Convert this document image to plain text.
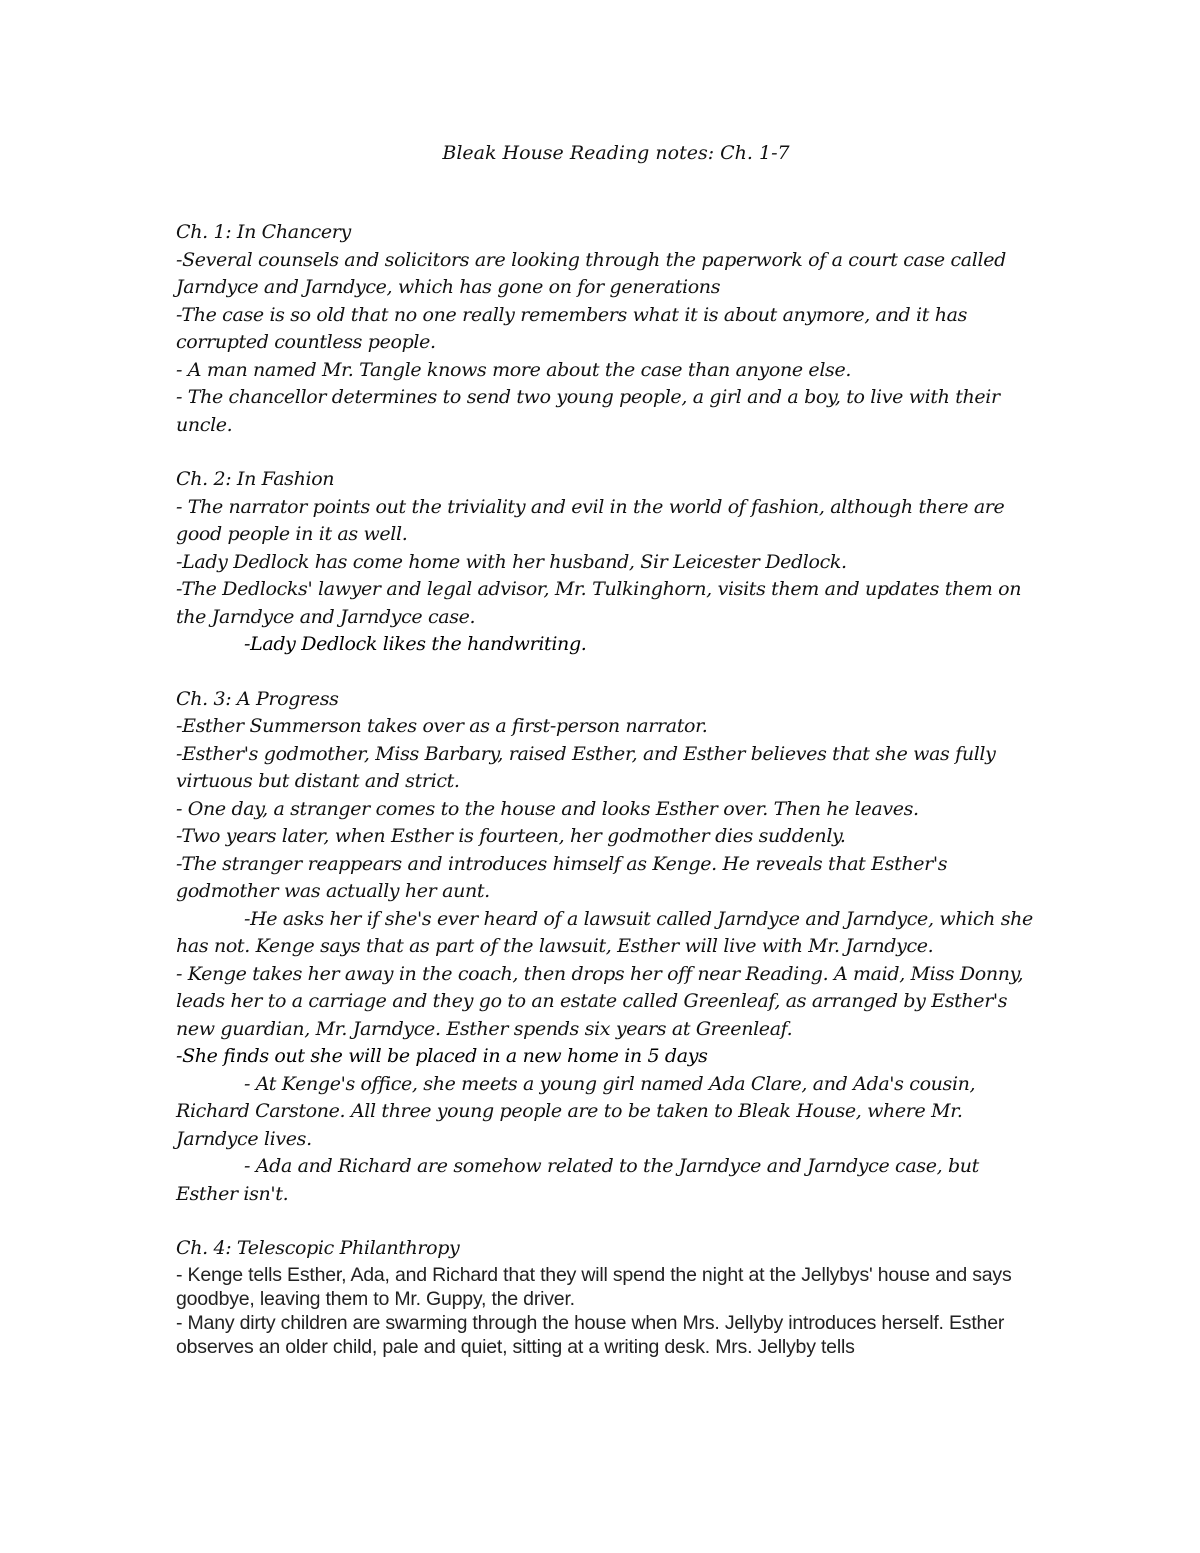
Bleak House Reading notes: Ch. 1-7

Ch. 1: In Chancery

-Several counsels and solicitors are looking through the paperwork of a court case called Jarndyce and Jarndyce, which has gone on for generations

-The case is so old that no one really remembers what it is about anymore, and it has corrupted countless people.

- A man named Mr. Tangle knows more about the case than anyone else.

- The chancellor determines to send two young people, a girl and a boy, to live with their uncle.

Ch. 2: In Fashion

- The narrator points out the triviality and evil in the world of fashion, although there are good people in it as well.

-Lady Dedlock has come home with her husband, Sir Leicester Dedlock.

-The Dedlocks' lawyer and legal advisor, Mr. Tulkinghorn, visits them and updates them on the Jarndyce and Jarndyce case.

-Lady Dedlock likes the handwriting.

Ch. 3: A Progress

-Esther Summerson takes over as a first-person narrator.

-Esther's godmother, Miss Barbary, raised Esther, and Esther believes that she was fully virtuous but distant and strict.

- One day, a stranger comes to the house and looks Esther over. Then he leaves.

-Two years later, when Esther is fourteen, her godmother dies suddenly.

-The stranger reappears and introduces himself as Kenge. He reveals that Esther's godmother was actually her aunt.

-He asks her if she's ever heard of a lawsuit called Jarndyce and Jarndyce, which she has not. Kenge says that as part of the lawsuit, Esther will live with Mr. Jarndyce.

- Kenge takes her away in the coach, then drops her off near Reading. A maid, Miss Donny, leads her to a carriage and they go to an estate called Greenleaf, as arranged by Esther's new guardian, Mr. Jarndyce. Esther spends six years at Greenleaf.

-She finds out she will be placed in a new home in 5 days

- At Kenge's office, she meets a young girl named Ada Clare, and Ada's cousin, Richard Carstone. All three young people are to be taken to Bleak House, where Mr. Jarndyce lives.

- Ada and Richard are somehow related to the Jarndyce and Jarndyce case, but Esther isn't.

Ch. 4: Telescopic Philanthropy

- Kenge tells Esther, Ada, and Richard that they will spend the night at the Jellybys' house and says goodbye, leaving them to Mr. Guppy, the driver.

- Many dirty children are swarming through the house when Mrs. Jellyby introduces herself. Esther observes an older child, pale and quiet, sitting at a writing desk. Mrs. Jellyby tells
